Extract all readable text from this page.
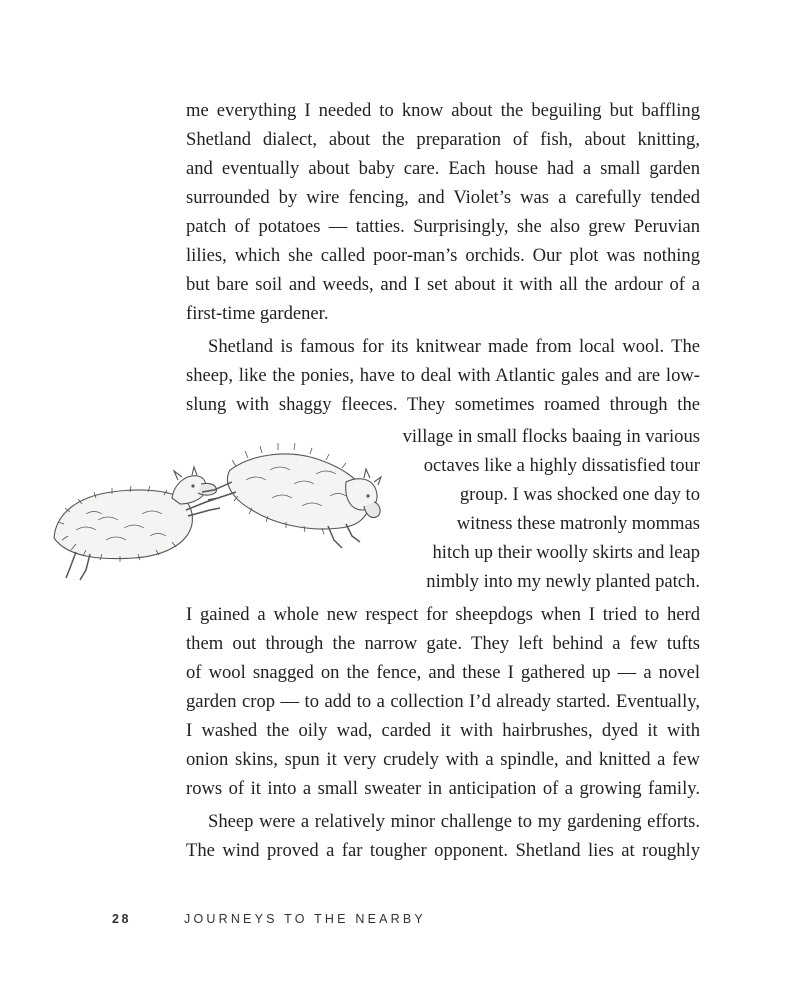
me everything I needed to know about the beguiling but baffling

Shetland dialect, about the preparation of fish, about knitting,

and eventually about baby care. Each house had a small garden

surrounded by wire fencing, and Violet’s was a carefully tended

patch of potatoes — tatties. Surprisingly, she also grew Peruvian

lilies, which she called poor-man’s orchids. Our plot was nothing

but bare soil and weeds, and I set about it with all the ardour of a

first-time gardener.

Shetland is famous for its knitwear made from local wool. The

sheep, like the ponies, have to deal with Atlantic gales and are low-

slung with shaggy fleeces. They sometimes roamed through the

village in small flocks baaing in various

octaves like a highly dissatisfied tour

group. I was shocked one day to

witness these matronly mommas

hitch up their woolly skirts and leap

nimbly into my newly planted patch.

I gained a whole new respect for sheepdogs when I tried to herd

them out through the narrow gate. They left behind a few tufts

of wool snagged on the fence, and these I gathered up — a novel

garden crop — to add to a collection I’d already started. Eventually,

I washed the oily wad, carded it with hairbrushes, dyed it with

onion skins, spun it very crudely with a spindle, and knitted a few

rows of it into a small sweater in anticipation of a growing family.

Sheep were a relatively minor challenge to my gardening efforts.

The wind proved a far tougher opponent. Shetland lies at roughly

28	JOURNEYS TO THE NEARBY
